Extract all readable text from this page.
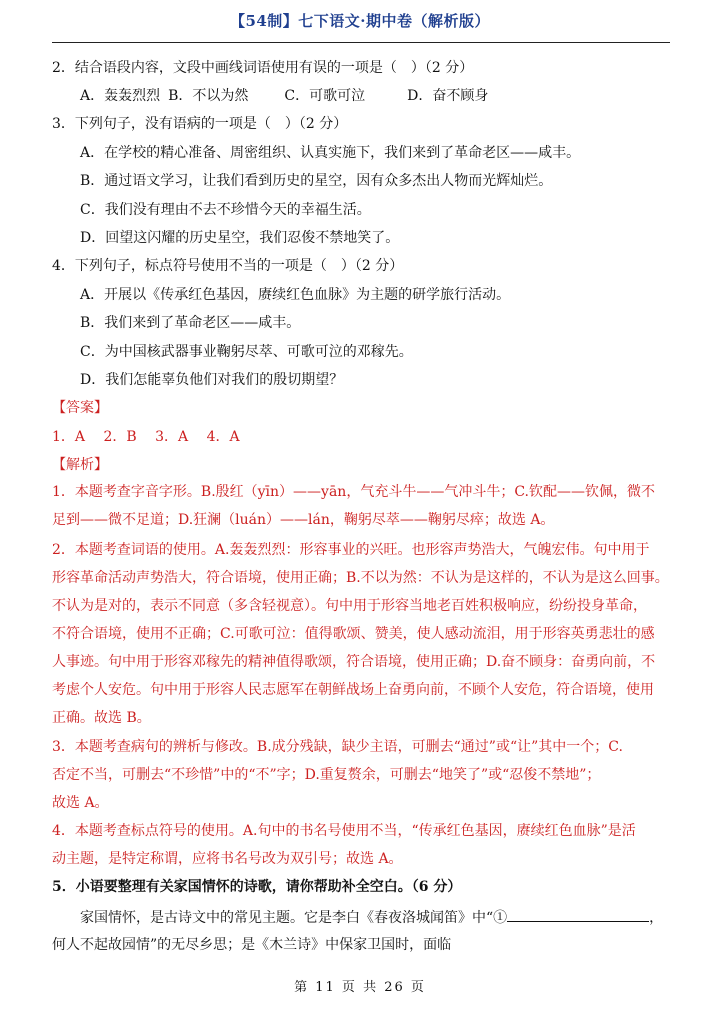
【54制】七下语文·期中卷（解析版）
2．结合语段内容，文段中画线词语使用有误的一项是（　）（2 分）
A．轰轰烈烈 B．不以为然	C．可歌可泣	D．奋不顾身
3．下列句子，没有语病的一项是（　）（2 分）
A．在学校的精心准备、周密组织、认真实施下，我们来到了革命老区——咸丰。
B．通过语文学习，让我们看到历史的星空，因有众多杰出人物而光辉灿烂。
C．我们没有理由不去不珍惜今天的幸福生活。
D．回望这闪耀的历史星空，我们忍俊不禁地笑了。
4．下列句子，标点符号使用不当的一项是（　）（2 分）
A．开展以《传承红色基因，赓续红色血脉》为主题的研学旅行活动。
B．我们来到了革命老区——咸丰。
C．为中国核武器事业鞠躬尽萃、可歌可泣的邓稼先。
D．我们怎能辜负他们对我们的殷切期望？
【答案】
1．A　 2．B　 3．A　 4．A
【解析】
1．本题考查字音字形。B.殷红（yīn）——yān，气充斗牛——气冲斗牛；C.钦配——钦佩，微不
足到——微不足道；D.狂澜（luán）——lán，鞠躬尽萃——鞠躬尽瘁；故选 A。
2．本题考查词语的使用。A.轰轰烈烈：形容事业的兴旺。也形容声势浩大，气魄宏伟。句中用于
形容革命活动声势浩大，符合语境，使用正确；B.不以为然：不认为是这样的，不认为是这么回事。
不认为是对的，表示不同意（多含轻视意）。句中用于形容当地老百姓积极响应，纷纷投身革命，
不符合语境，使用不正确；C.可歌可泣：值得歌颂、赞美，使人感动流泪，用于形容英勇悲壮的感
人事迹。句中用于形容邓稼先的精神值得歌颂，符合语境，使用正确；D.奋不顾身：奋勇向前，不
考虑个人安危。句中用于形容人民志愿军在朝鲜战场上奋勇向前，不顾个人安危，符合语境，使用
正确。故选 B。
3．本题考查病句的辨析与修改。B.成分残缺，缺少主语，可删去“通过”或“让”其中一个；C.
否定不当，可删去“不珍惜”中的“不”字；D.重复赘余，可删去“地笑了”或“忍俊不禁地”；
故选 A。
4．本题考查标点符号的使用。A.句中的书名号使用不当，“传承红色基因，赓续红色血脉”是活
动主题，是特定称谓，应将书名号改为双引号；故选 A。
5．小语要整理有关家国情怀的诗歌，请你帮助补全空白。（6 分）
家国情怀，是古诗文中的常见主题。它是李白《春夜洛城闻笛》中“①	，
何人不起故园情”的无尽乡思；是《木兰诗》中保家卫国时，面临
第 11 页 共 26 页
